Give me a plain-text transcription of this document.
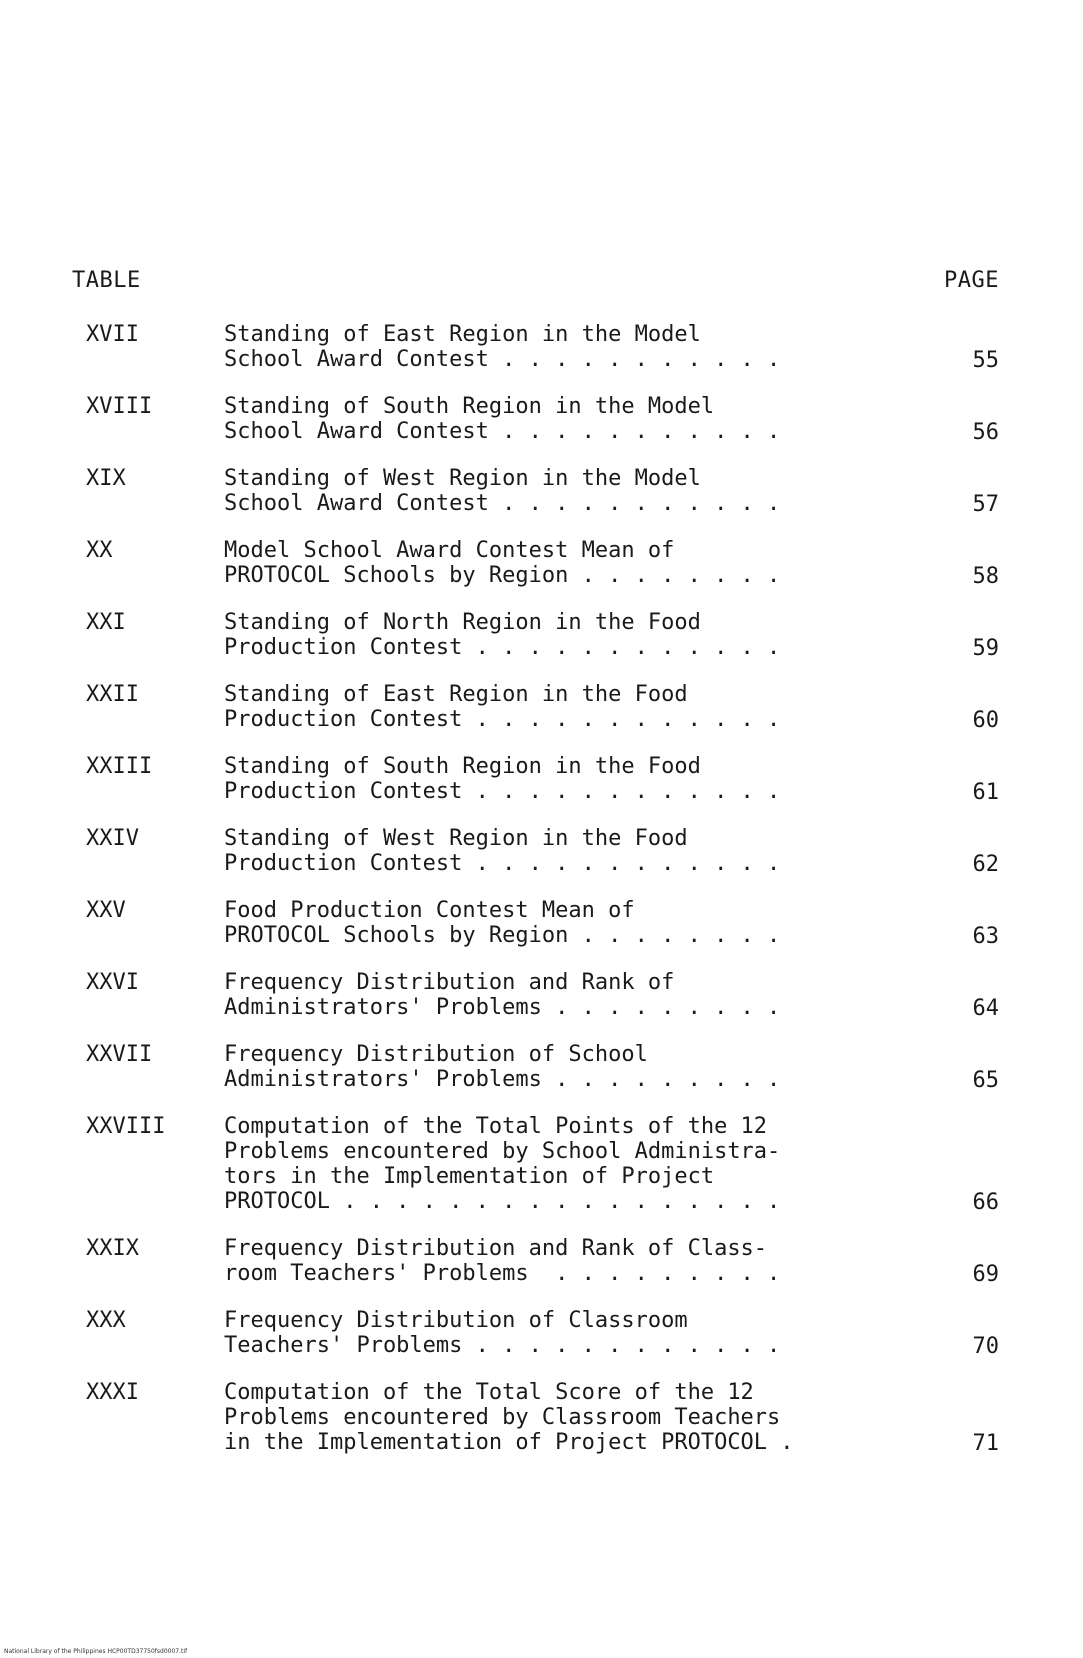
TABLE	PAGE
XVII	Standing of East Region in the Model
School Award Contest . . . . . . . . . . .	55
XVIII	Standing of South Region in the Model
School Award Contest . . . . . . . . . . .	56
XIX	Standing of West Region in the Model
School Award Contest . . . . . . . . . . .	57
XX	Model School Award Contest Mean of
PROTOCOL Schools by Region . . . . . . . .	58
XXI	Standing of North Region in the Food
Production Contest . . . . . . . . . . . .	59
XXII	Standing of East Region in the Food
Production Contest . . . . . . . . . . . .	60
XXIII	Standing of South Region in the Food
Production Contest . . . . . . . . . . . .	61
XXIV	Standing of West Region in the Food
Production Contest . . . . . . . . . . . .	62
XXV	Food Production Contest Mean of
PROTOCOL Schools by Region . . . . . . . .	63
XXVI	Frequency Distribution and Rank of
Administrators' Problems . . . . . . . . .	64
XXVII	Frequency Distribution of School
Administrators' Problems . . . . . . . . .	65
XXVIII	Computation of the Total Points of the 12
Problems encountered by School Administra-
tors in the Implementation of Project
PROTOCOL . . . . . . . . . . . . . . . . .	66
XXIX	Frequency Distribution and Rank of Class-
room Teachers' Problems  . . . . . . . . .	69
XXX	Frequency Distribution of Classroom
Teachers' Problems . . . . . . . . . . . .	70
XXXI	Computation of the Total Score of the 12
Problems encountered by Classroom Teachers
in the Implementation of Project PROTOCOL .	71
National Library of the Philippines HCP00TD37750fsd0007.tif
